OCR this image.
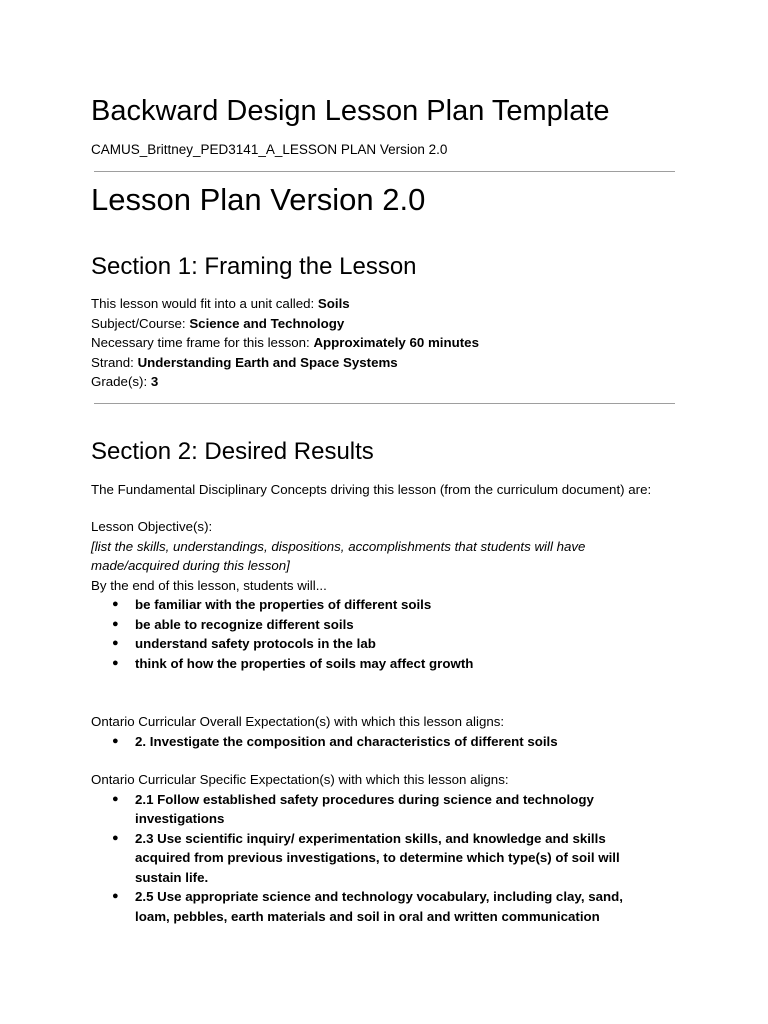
Backward Design Lesson Plan Template
CAMUS_Brittney_PED3141_A_LESSON PLAN Version 2.0
Lesson Plan Version 2.0
Section 1: Framing the Lesson
This lesson would fit into a unit called: Soils
Subject/Course: Science and Technology
Necessary time frame for this lesson: Approximately 60 minutes
Strand: Understanding Earth and Space Systems
Grade(s): 3
Section 2: Desired Results
The Fundamental Disciplinary Concepts driving this lesson (from the curriculum document) are:
Lesson Objective(s):
[list the skills, understandings, dispositions, accomplishments that students will have
made/acquired during this lesson]
By the end of this lesson, students will...
● be familiar with the properties of different soils
● be able to recognize different soils
● understand safety protocols in the lab
● think of how the properties of soils may affect growth
Ontario Curricular Overall Expectation(s) with which this lesson aligns:
● 2. Investigate the composition and characteristics of different soils
Ontario Curricular Specific Expectation(s) with which this lesson aligns:
● 2.1 Follow established safety procedures during science and technology
investigations
● 2.3 Use scientific inquiry/ experimentation skills, and knowledge and skills
acquired from previous investigations, to determine which type(s) of soil will
sustain life.
● 2.5 Use appropriate science and technology vocabulary, including clay, sand,
loam, pebbles, earth materials and soil in oral and written communication
